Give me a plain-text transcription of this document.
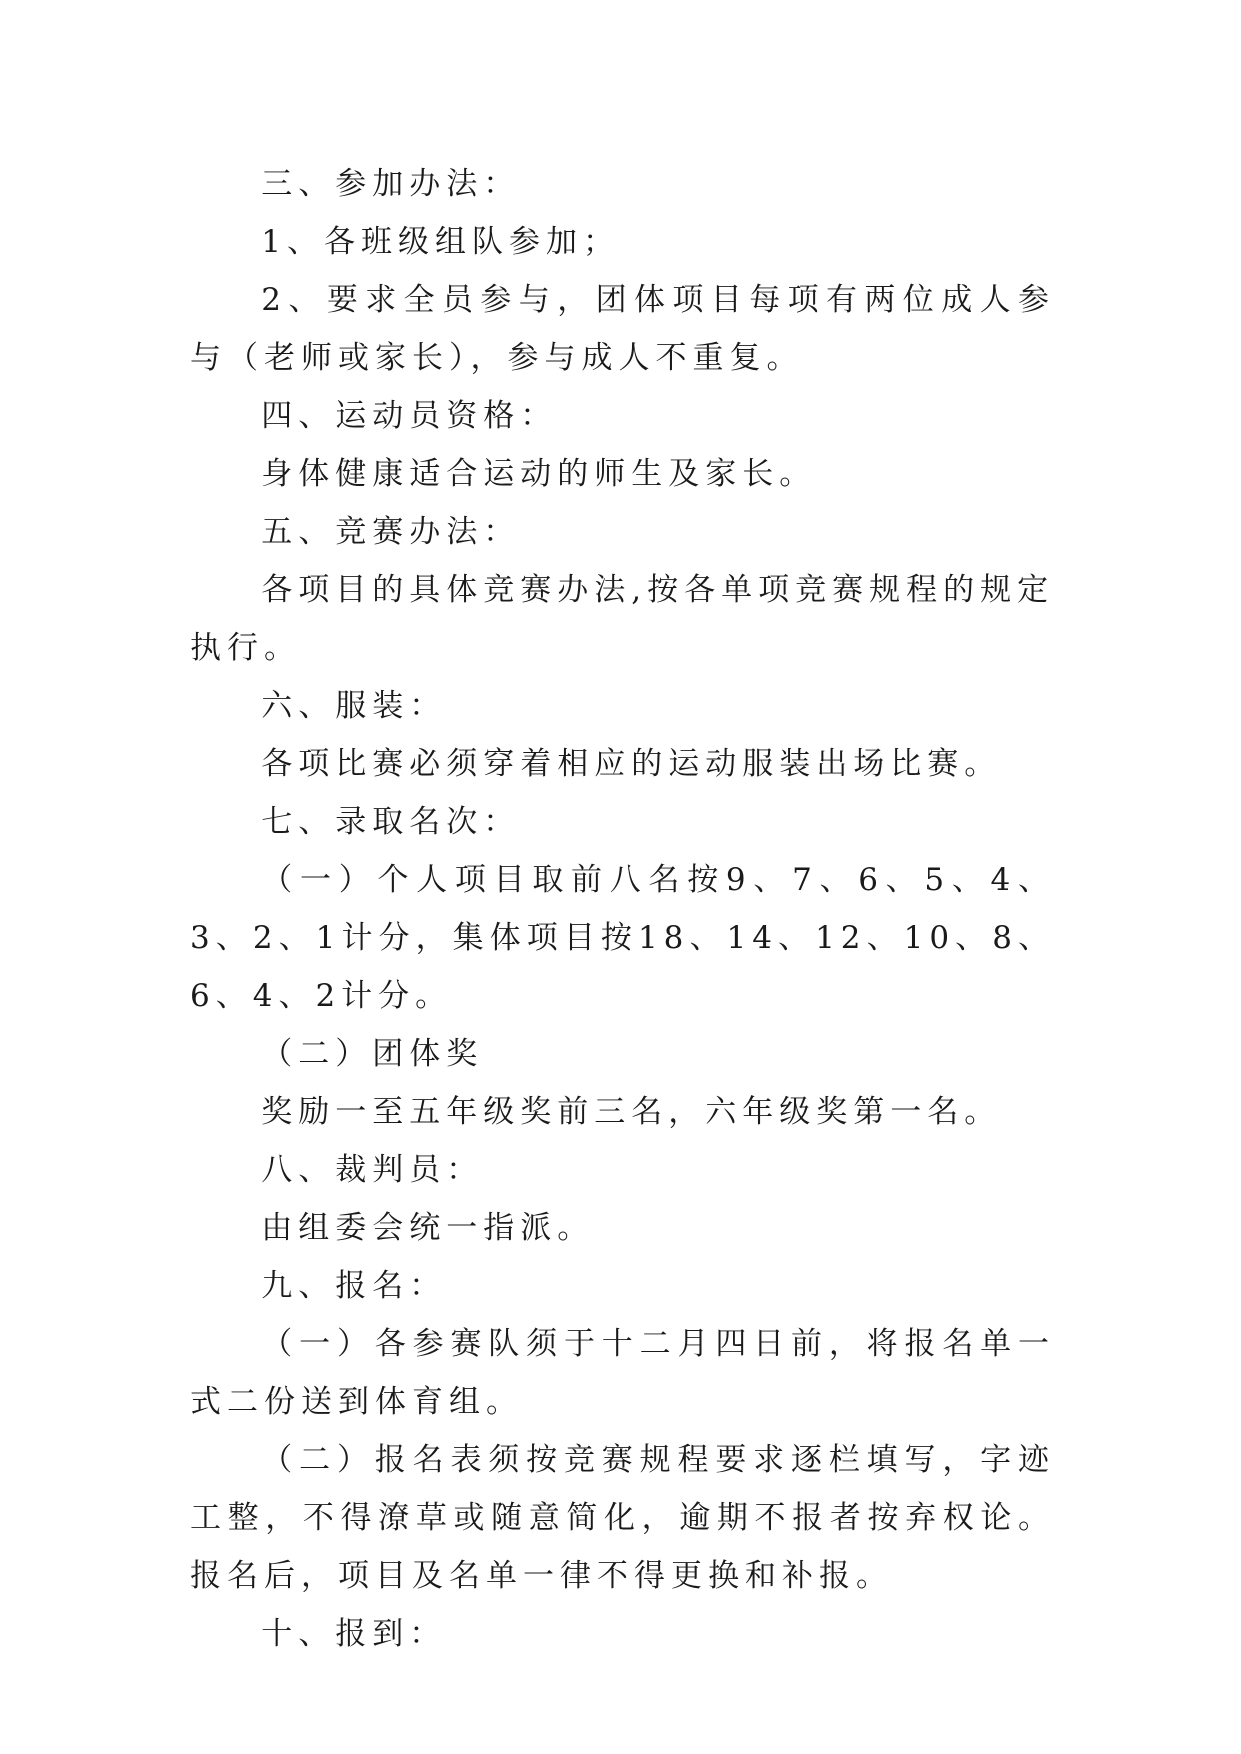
三、参加办法：

1、各班级组队参加；

2、要求全员参与，团体项目每项有两位成人参与（老师或家长），参与成人不重复。

四、运动员资格：

身体健康适合运动的师生及家长。

五、竞赛办法：

各项目的具体竞赛办法,按各单项竞赛规程的规定执行。

六、服装：

各项比赛必须穿着相应的运动服装出场比赛。

七、录取名次：

（一）个人项目取前八名按9、7、6、5、4、3、2、1计分，集体项目按18、14、12、10、8、6、4、2计分。

（二）团体奖

奖励一至五年级奖前三名，六年级奖第一名。

八、裁判员：

由组委会统一指派。

九、报名：

（一）各参赛队须于十二月四日前，将报名单一式二份送到体育组。

（二）报名表须按竞赛规程要求逐栏填写，字迹工整，不得潦草或随意简化，逾期不报者按弃权论。报名后，项目及名单一律不得更换和补报。

十、报到：
